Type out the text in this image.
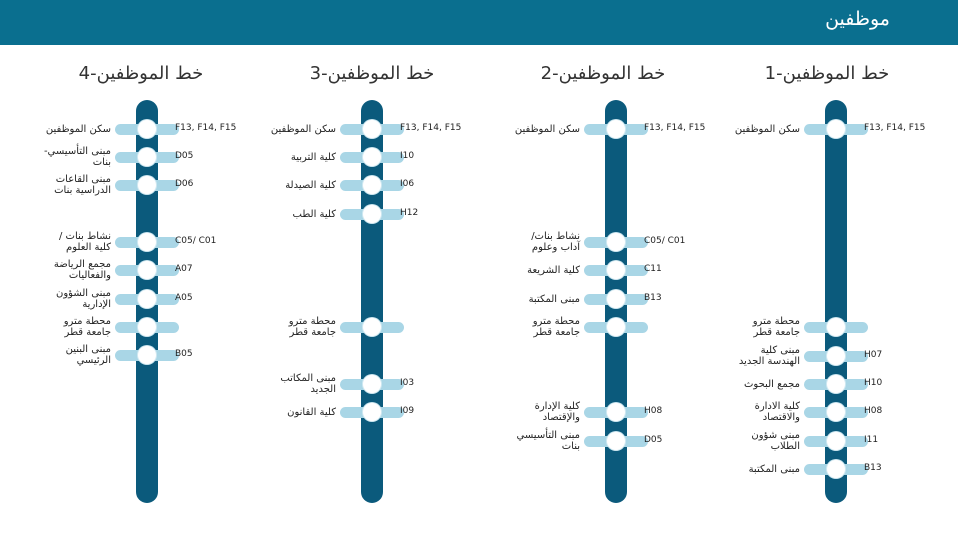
موظفين
خط الموظفين-4
سكن الموظفين	F13, F14, F15
مبنى التأسيسي-
بنات
D05
مبنى القاعات
الدراسية بنات
D06
نشاط بنات /
كلية العلوم
C05/ C01
مجمع الرياضة
والفعاليات
A07
مبنى الشؤون
الإدارية
A05
محطة مترو
جامعة قطر
مبنى البنين
الرئيسي
B05
خط الموظفين-3
سكن الموظفين	F13, F14, F15
كلية التربية	I10
كلية الصيدلة	I06
كلية الطب	H12
محطة مترو
جامعة قطر
مبنى المكاتب
الجديد
I03
كلية القانون	I09
خط الموظفين-2
سكن الموظفين	F13, F14, F15
نشاط بنات/
آداب وعلوم
C05/ C01
كلية الشريعة	C11
مبنى المكتبة	B13
محطة مترو
جامعة قطر
كلية الإدارة
والإقتصاد
H08
مبنى التأسيسي
بنات
D05
خط الموظفين-1
سكن الموظفين	F13, F14, F15
محطة مترو
جامعة قطر
مبنى كلية
الهندسة الجديد
H07
مجمع البحوث	H10
كلية الادارة
والاقتصاد
H08
مبنى شؤون
الطلاب
I11
مبنى المكتبة	B13
